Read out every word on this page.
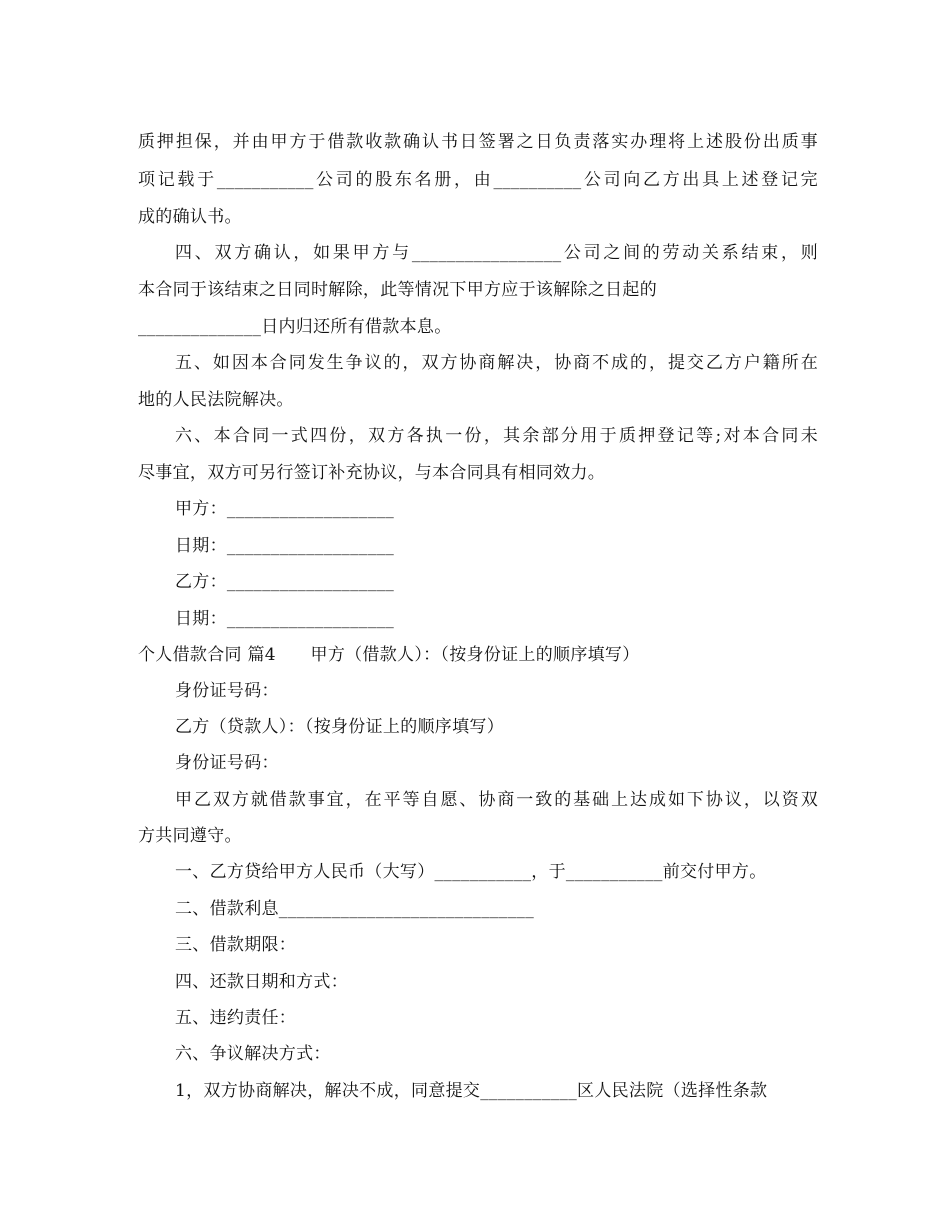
质押担保，并由甲方于借款收款确认书日签署之日负责落实办理将上述股份出质事
项记载于___________公司的股东名册，由__________公司向乙方出具上述登记完
成的确认书。
四、双方确认，如果甲方与_________________公司之间的劳动关系结束，则
本合同于该结束之日同时解除，此等情况下甲方应于该解除之日起的
______________日内归还所有借款本息。
五、如因本合同发生争议的，双方协商解决，协商不成的，提交乙方户籍所在
地的人民法院解决。
六、本合同一式四份，双方各执一份，其余部分用于质押登记等;对本合同未
尽事宜，双方可另行签订补充协议，与本合同具有相同效力。
甲方：___________________
日期：___________________
乙方：___________________
日期：___________________
个人借款合同 篇4　　甲方（借款人）：（按身份证上的顺序填写）
身份证号码：
乙方（贷款人）：（按身份证上的顺序填写）
身份证号码：
甲乙双方就借款事宜，在平等自愿、协商一致的基础上达成如下协议，以资双
方共同遵守。
一、乙方贷给甲方人民币（大写）___________，于___________前交付甲方。
二、借款利息_____________________________
三、借款期限：
四、还款日期和方式：
五、违约责任：
六、争议解决方式：
1，双方协商解决，解决不成，同意提交___________区人民法院（选择性条款
